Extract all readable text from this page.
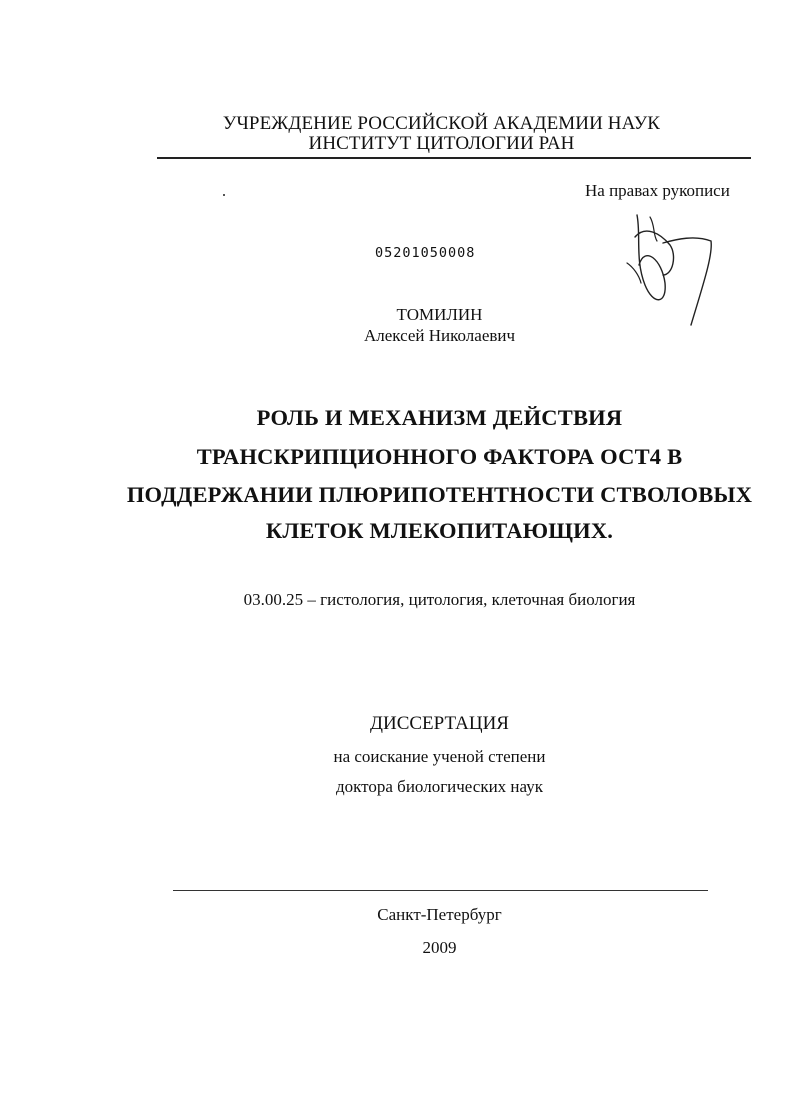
УЧРЕЖДЕНИЕ РОССИЙСКОЙ АКАДЕМИИ НАУК
ИНСТИТУТ ЦИТОЛОГИИ РАН
На правах рукописи
05201050008
ТОМИЛИН
Алексей Николаевич
РОЛЬ И МЕХАНИЗМ ДЕЙСТВИЯ
ТРАНСКРИПЦИОННОГО ФАКТОРА ОСТ4 В
ПОДДЕРЖАНИИ ПЛЮРИПОТЕНТНОСТИ СТВОЛОВЫХ
КЛЕТОК МЛЕКОПИТАЮЩИХ.
03.00.25 – гистология, цитология, клеточная биология
ДИССЕРТАЦИЯ
на соискание ученой степени
доктора биологических наук
Санкт-Петербург
2009
